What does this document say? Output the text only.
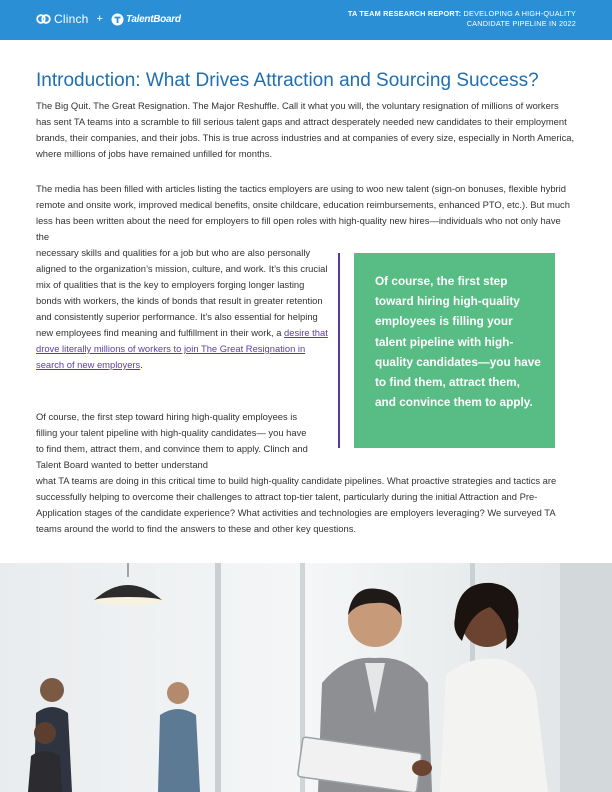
Clinch + TalentBoard	TA TEAM RESEARCH REPORT: DEVELOPING A HIGH-QUALITY
CANDIDATE PIPELINE IN 2022
Introduction: What Drives Attraction and Sourcing Success?

The Big Quit. The Great Resignation. The Major Reshuffle. Call it what you will, the voluntary resignation of millions of workers has sent TA teams into a scramble to fill serious talent gaps and attract desperately needed new candidates to their employment brands, their companies, and their jobs. This is true across industries and at companies of every size, especially in North America, where millions of jobs have remained unfilled for months.

The media has been filled with articles listing the tactics employers are using to woo new talent (sign-on bonuses, flexible hybrid remote and onsite work, improved medical benefits, onsite childcare, education reimbursements, enhanced PTO, etc.). But much less has been written about the need for employers to fill open roles with high-quality new hires—individuals who not only have the
necessary skills and qualities for a job but who are also personally aligned to the organization’s mission, culture, and work. It’s this crucial mix of qualities that is the key to employers forging longer lasting bonds with workers, the kinds of bonds that result in greater retention and consistently superior performance. It’s also essential for helping new employees find meaning and fulfillment in their work, a desire that drove literally millions of workers to join The Great Resignation in search of new employers.

Of course, the first step toward hiring high-quality employees is filling your talent pipeline with high-quality candidates—you have to find them, attract them, and convince them to apply.

Of course, the first step toward hiring high-quality employees is filling your talent pipeline with high-quality candidates— you have to find them, attract them, and convince them to apply. Clinch and Talent Board wanted to better understand
what TA teams are doing in this critical time to build high-quality candidate pipelines. What proactive strategies and tactics are successfully helping to overcome their challenges to attract top-tier talent, particularly during the initial Attraction and Pre-Application stages of the candidate experience? What activities and technologies are employers leveraging? We surveyed TA teams around the world to find the answers to these and other key questions.
